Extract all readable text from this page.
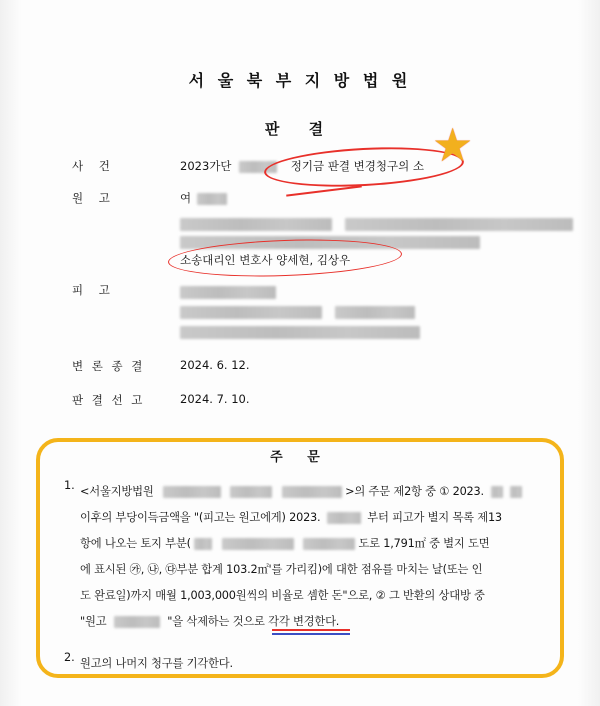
서 울 북 부 지 방 법 원
판 결
사 건	2023가단	정기금 판결 변경청구의 소
원 고	여

소송대리인 변호사 양세현, 김상우
피 고

변 론 종 결	2024. 6. 12.
판 결 선 고	2024. 7. 10.
★
주 문
1. <서울지방법원	>의 주문 제2항 중 ① 2023.
이후의 부당이득금액을 "(피고는 원고에게) 2023.	부터 피고가 별지 목록 제13
항에 나오는 토지 부분(	도로 1,791㎡ 중 별지 도면
에 표시된 ㉮, ㉯, ㉰부분 합계 103.2㎡'를 가리킴)에 대한 점유를 마치는 날(또는 인
도 완료일)까지 매월 1,003,000원씩의 비율로 셈한 돈"으로, ② 그 반환의 상대방 중
"원고	"을 삭제하는 것으로 각각 변경한다.
2. 원고의 나머지 청구를 기각한다.
